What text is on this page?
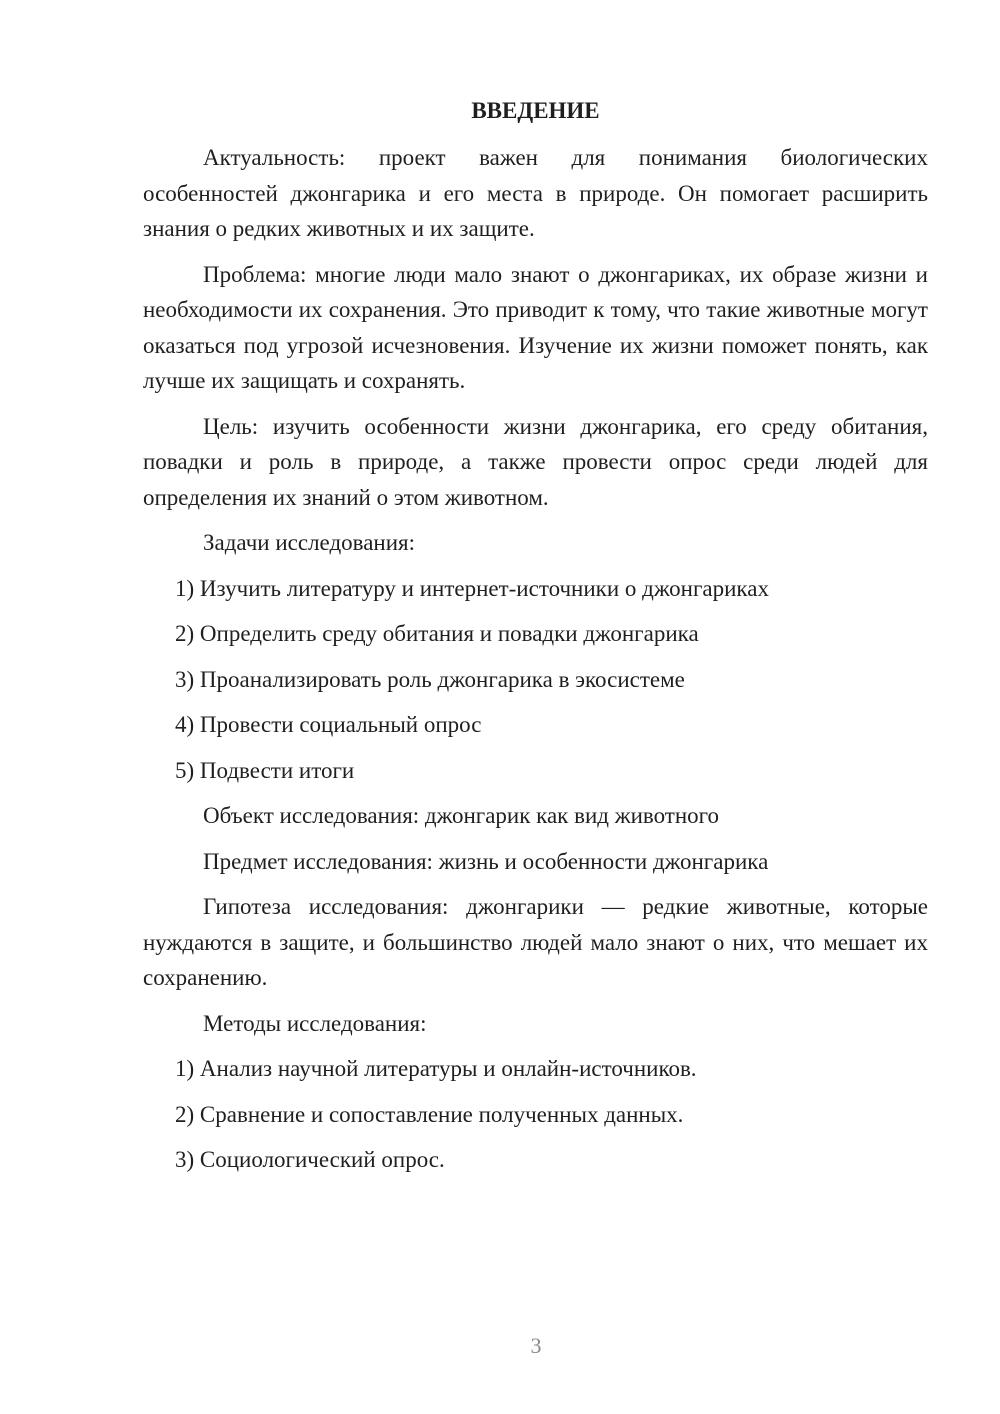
ВВЕДЕНИЕ

Актуальность: проект важен для понимания биологических особенностей джонгарика и его места в природе. Он помогает расширить знания о редких животных и их защите.

Проблема: многие люди мало знают о джонгариках, их образе жизни и необходимости их сохранения. Это приводит к тому, что такие животные могут оказаться под угрозой исчезновения. Изучение их жизни поможет понять, как лучше их защищать и сохранять.

Цель: изучить особенности жизни джонгарика, его среду обитания, повадки и роль в природе, а также провести опрос среди людей для определения их знаний о этом животном.

Задачи исследования:
1) Изучить литературу и интернет-источники о джонгариках
2) Определить среду обитания и повадки джонгарика
3) Проанализировать роль джонгарика в экосистеме
4) Провести социальный опрос
5) Подвести итоги
Объект исследования: джонгарик как вид животного
Предмет исследования: жизнь и особенности джонгарика

Гипотеза исследования: джонгарики — редкие животные, которые нуждаются в защите, и большинство людей мало знают о них, что мешает их сохранению.

Методы исследования:
1) Анализ научной литературы и онлайн-источников.
2) Сравнение и сопоставление полученных данных.
3) Социологический опрос.
3
